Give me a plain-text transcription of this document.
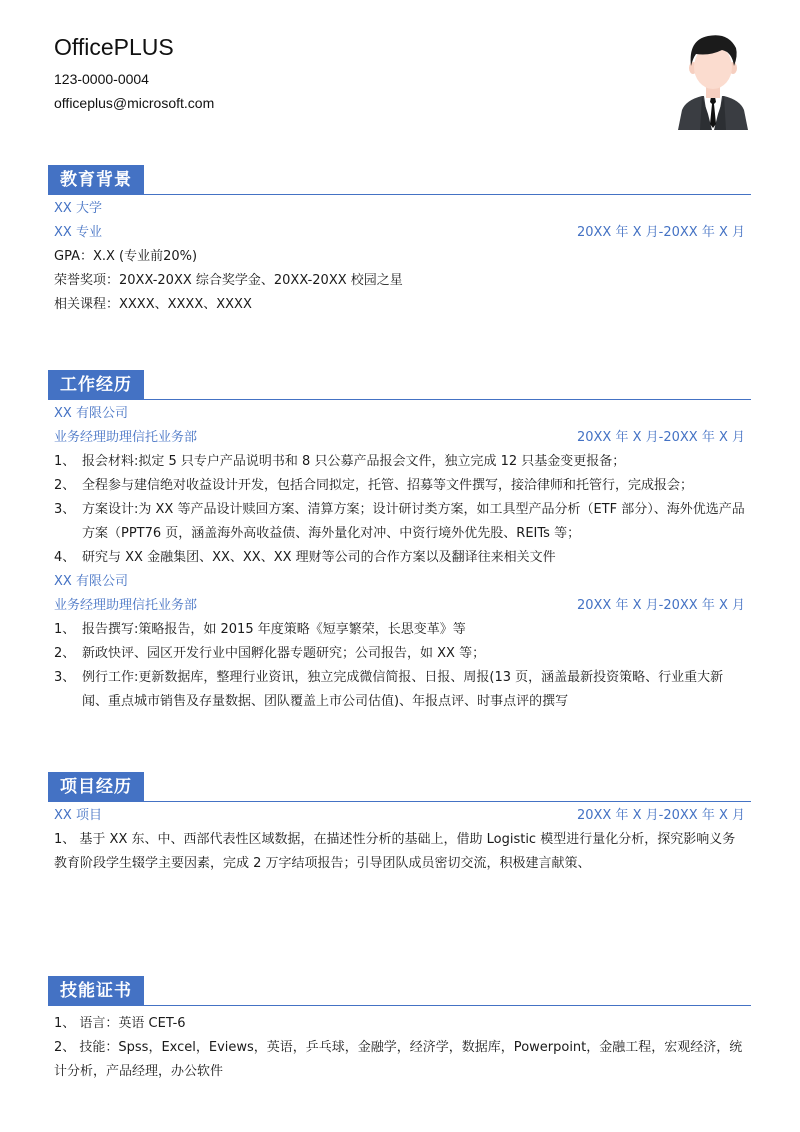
OfficePLUS
123-0000-0004
officeplus@microsoft.com
教育背景
XX 大学
XX 专业	20XX 年 X 月-20XX 年 X 月
GPA：X.X (专业前20%)
荣誉奖项：20XX-20XX 综合奖学金、20XX-20XX 校园之星
相关课程：XXXX、XXXX、XXXX
工作经历
XX 有限公司
业务经理助理信托业务部	20XX 年 X 月-20XX 年 X 月
1、 报会材料:拟定 5 只专户产品说明书和 8 只公募产品报会文件，独立完成 12 只基金变更报备；
2、 全程参与建信绝对收益设计开发，包括合同拟定，托管、招募等文件撰写，接洽律师和托管行，完成报会；
3、 方案设计:为 XX 等产品设计赎回方案、清算方案；设计研讨类方案，如工具型产品分析（ETF 部分）、海外优选产品方案（PPT76 页，涵盖海外高收益债、海外量化对冲、中资行境外优先股、REITs 等；
4、 研究与 XX 金融集团、XX、XX、XX 理财等公司的合作方案以及翻译往来相关文件
XX 有限公司
业务经理助理信托业务部	20XX 年 X 月-20XX 年 X 月
1、 报告撰写:策略报告，如 2015 年度策略《短享繁荣，长思变革》等
2、 新政快评、园区开发行业中国孵化器专题研究；公司报告，如 XX 等；
3、 例行工作:更新数据库，整理行业资讯，独立完成微信简报、日报、周报(13 页，涵盖最新投资策略、行业重大新闻、重点城市销售及存量数据、团队覆盖上市公司估值)、年报点评、时事点评的撰写
项目经历
XX 项目	20XX 年 X 月-20XX 年 X 月
1、 基于 XX 东、中、西部代表性区域数据，在描述性分析的基础上，借助 Logistic 模型进行量化分析，探究影响义务教育阶段学生辍学主要因素，完成 2 万字结项报告；引导团队成员密切交流，积极建言献策、
技能证书
1、 语言：英语 CET-6
2、 技能：Spss，Excel，Eviews，英语，乒乓球，金融学，经济学，数据库，Powerpoint，金融工程，宏观经济，统计分析，产品经理，办公软件
